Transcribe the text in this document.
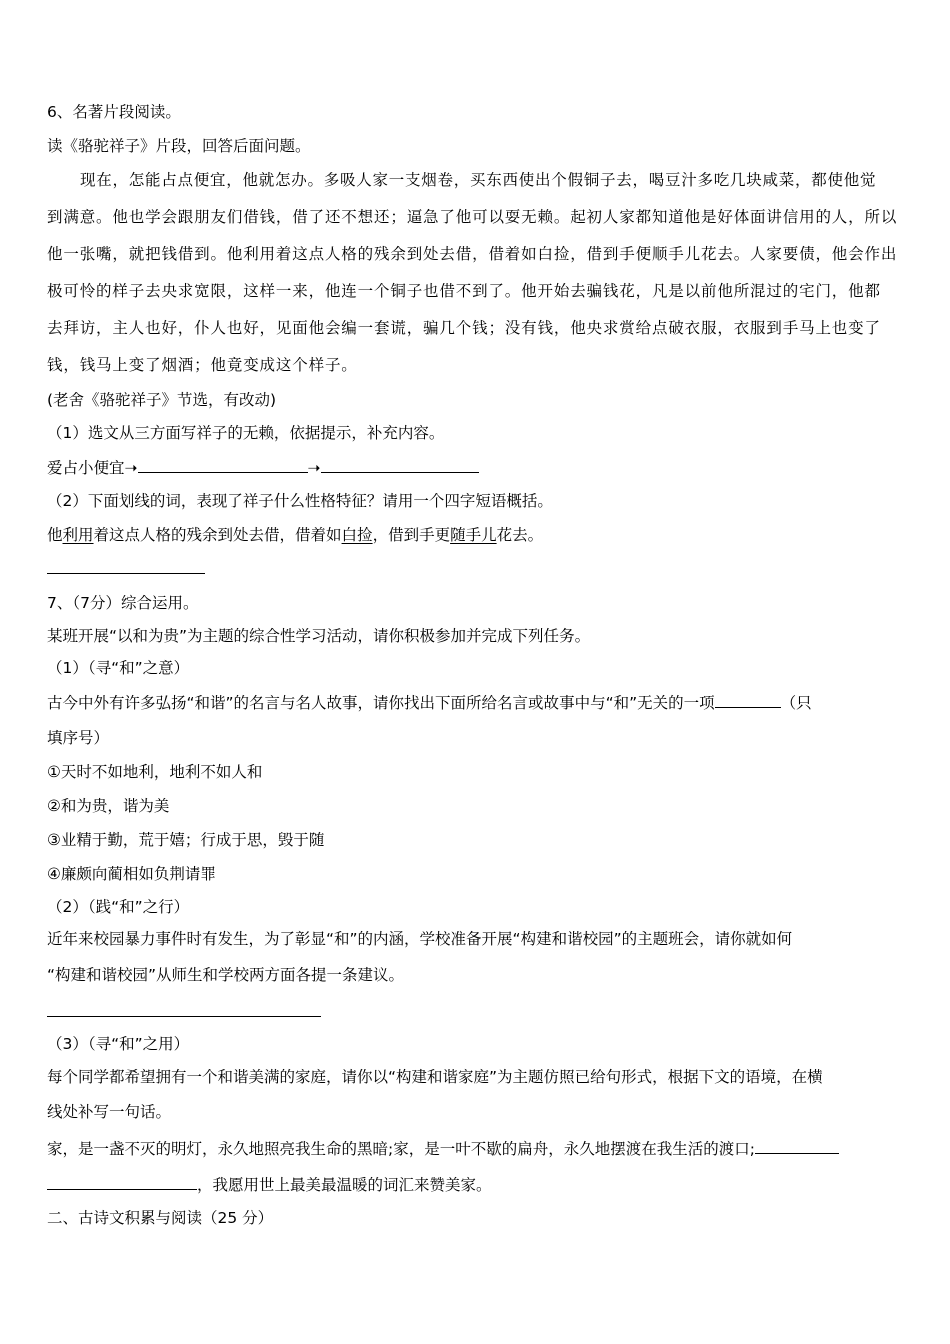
6、名著片段阅读。
读《骆驼祥子》片段，回答后面问题。
现在，怎能占点便宜，他就怎办。多吸人家一支烟卷，买东西使出个假铜子去，喝豆汁多吃几块咸菜，都使他觉
到满意。他也学会跟朋友们借钱，借了还不想还；逼急了他可以耍无赖。起初人家都知道他是好体面讲信用的人，所以
他一张嘴，就把钱借到。他利用着这点人格的残余到处去借，借着如白捡，借到手便顺手儿花去。人家要债，他会作出
极可怜的样子去央求宽限，这样一来，他连一个铜子也借不到了。他开始去骗钱花，凡是以前他所混过的宅门，他都
去拜访，主人也好，仆人也好，见面他会编一套谎，骗几个钱；没有钱，他央求赏给点破衣服，衣服到手马上也变了
钱，钱马上变了烟酒；他竟变成这个样子。
(老舍《骆驼祥子》节选，有改动)
（1）选文从三方面写祥子的无赖，依据提示，补充内容。
爱占小便宜➝	➝
（2）下面划线的词，表现了祥子什么性格特征？请用一个四字短语概括。
他利用着这点人格的残余到处去借，借着如白捡，借到手更随手儿花去。
7、（7分）综合运用。
某班开展“以和为贵”为主题的综合性学习活动，请你积极参加并完成下列任务。
（1）（寻“和”之意）
古今中外有许多弘扬“和谐”的名言与名人故事，请你找出下面所给名言或故事中与“和”无关的一项	（只
填序号）
①天时不如地利，地利不如人和
②和为贵，谐为美
③业精于勤，荒于嬉；行成于思，毁于随
④廉颇向蔺相如负荆请罪
（2）（践“和”之行）
近年来校园暴力事件时有发生，为了彰显“和”的内涵，学校准备开展“构建和谐校园”的主题班会，请你就如何
“构建和谐校园”从师生和学校两方面各提一条建议。
（3）（寻“和”之用）
每个同学都希望拥有一个和谐美满的家庭，请你以“构建和谐家庭”为主题仿照已给句形式，根据下文的语境，在横
线处补写一句话。
家，是一盏不灭的明灯，永久地照亮我生命的黑暗;家，是一叶不歇的扁舟，永久地摆渡在我生活的渡口;
，我愿用世上最美最温暖的词汇来赞美家。
二、古诗文积累与阅读（25 分）
